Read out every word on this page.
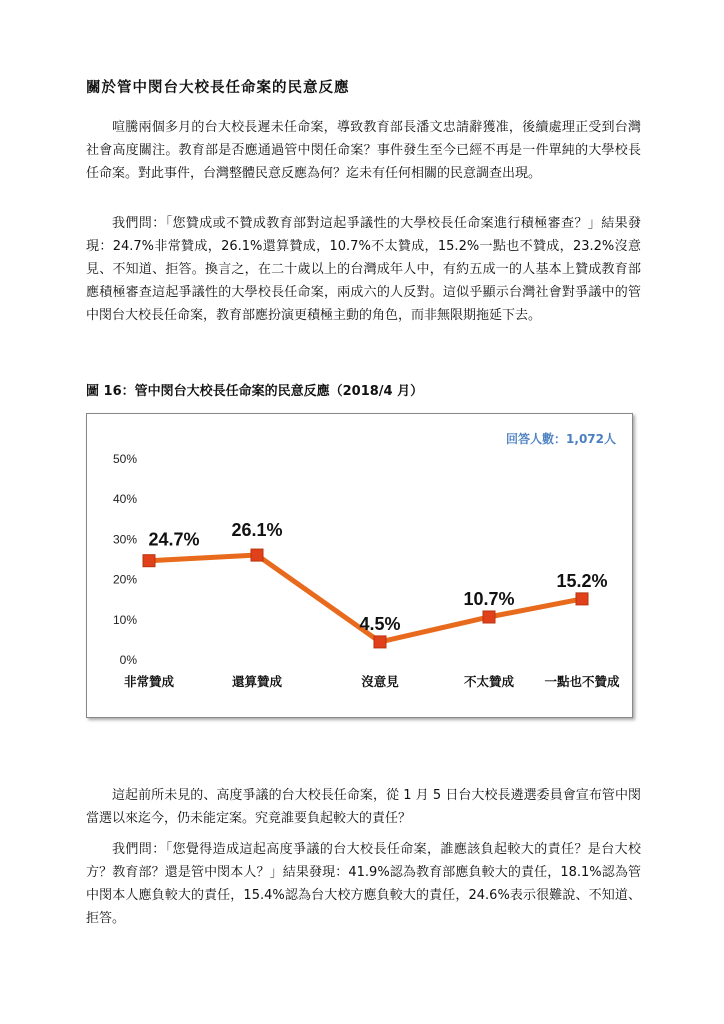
關於管中閔台大校長任命案的民意反應

喧騰兩個多月的台大校長遲未任命案，導致教育部長潘文忠請辭獲准，後續處理正受到台灣社會高度關注。教育部是否應通過管中閔任命案？事件發生至今已經不再是一件單純的大學校長任命案。對此事件，台灣整體民意反應為何？迄未有任何相關的民意調查出現。

我們問：「您贊成或不贊成教育部對這起爭議性的大學校長任命案進行積極審查？」結果發現：24.7%非常贊成，26.1%還算贊成，10.7%不太贊成，15.2%一點也不贊成，23.2%沒意見、不知道、拒答。換言之，在二十歲以上的台灣成年人中，有約五成一的人基本上贊成教育部應積極審查這起爭議性的大學校長任命案，兩成六的人反對。這似乎顯示台灣社會對爭議中的管中閔台大校長任命案，教育部應扮演更積極主動的角色，而非無限期拖延下去。

圖 16：管中閔台大校長任命案的民意反應（2018/4 月）
0%
10%
20%
30%
40%
50%
非常贊成	還算贊成	沒意見	不太贊成 一點也不贊成
24.7% 26.1%
4.5%
10.7%
15.2%
回答人數：1,072人

這起前所未見的、高度爭議的台大校長任命案，從 1 月 5 日台大校長遴選委員會宣布管中閔當選以來迄今，仍未能定案。究竟誰要負起較大的責任？

我們問：「您覺得造成這起高度爭議的台大校長任命案，誰應該負起較大的責任？是台大校方？教育部？還是管中閔本人？」結果發現：41.9%認為教育部應負較大的責任，18.1%認為管中閔本人應負較大的責任，15.4%認為台大校方應負較大的責任，24.6%表示很難說、不知道、拒答。
